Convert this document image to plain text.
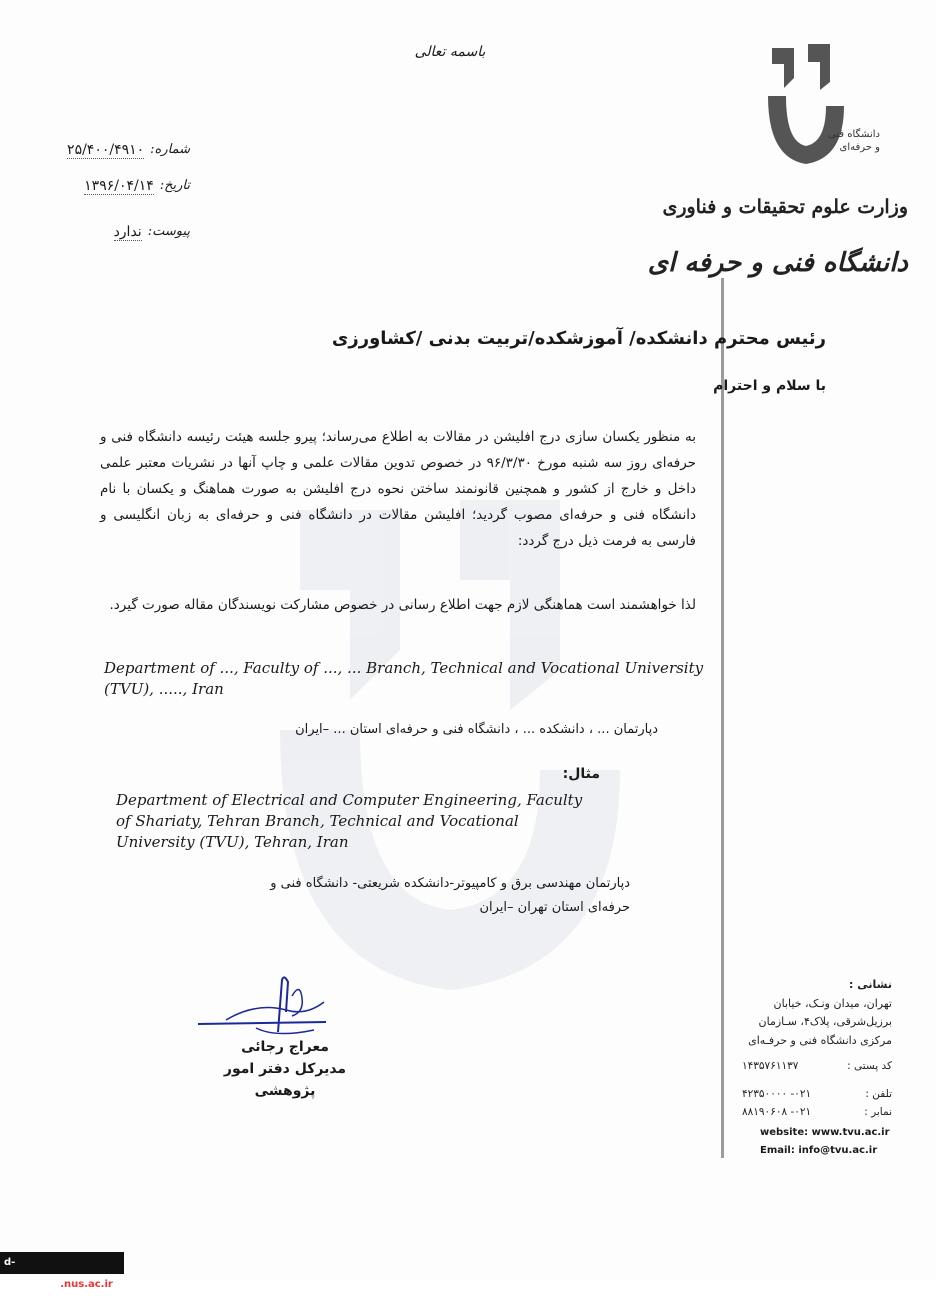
دانشگاه فنی و حرفه‌ای
وزارت علوم تحقیقات و فناوری
دانشگاه فنی و حرفه ای
باسمه تعالی
شماره:
۲۵/۴۰۰/۴۹۱۰
تاریخ:
۱۳۹۶/۰۴/۱۴
پیوست:
ندارد
رئیس محترم دانشکده/ آموزشکده/تربیت بدنی /کشاورزی
با سلام و احترام
به منظور یکسان سازی درج افلیشن در مقالات به اطلاع می‌رساند؛ پیرو جلسه هیئت رئیسه دانشگاه فنی و حرفه‌ای روز سه شنبه مورخ ۹۶/۳/۳۰ در خصوص تدوین مقالات علمی و چاپ آنها در نشریات معتبر علمی داخل و خارج از کشور و همچنین قانونمند ساختن نحوه درج افلیشن به صورت هماهنگ و یکسان با نام دانشگاه فنی و حرفه‌ای مصوب گردید؛ افلیشن مقالات در دانشگاه فنی و حرفه‌ای به زبان انگلیسی و فارسی به فرمت ذیل درج گردد:
لذا خواهشمند است هماهنگی لازم جهت اطلاع رسانی در خصوص مشارکت نویسندگان مقاله صورت گیرد.
Department of ..., Faculty of ..., ... Branch, Technical and Vocational University (TVU), ....., Iran
دپارتمان ... ، دانشکده ... ، دانشگاه فنی و حرفه‌ای استان ... –ایران
مثال:
Department of Electrical and Computer Engineering, Faculty of Shariaty, Tehran Branch, Technical and Vocational University (TVU), Tehran, Iran
دپارتمان مهندسی برق و کامپیوتر-دانشکده شریعتی- دانشگاه فنی و حرفه‌ای استان تهران –ایران
معراج رجائی
مدیرکل دفتر امور پژوهشی
نشانی :
تهران، میدان ونـک، خیابان
برزیل‌شرقی، پلاک۴، سـازمان
مرکزی دانشگاه فنی و حرفـه‌ای
کد پستی :
۱۴۳۵۷۶۱۱۳۷
تلفن :
۰۲۱- ۴۲۳۵۰۰۰۰
نمابر :
۰۲۱- ۸۸۱۹۰۶۰۸
website: www.tvu.ac.ir
Email: info@tvu.ac.ir
d-najafabad.nus.ac.ir
